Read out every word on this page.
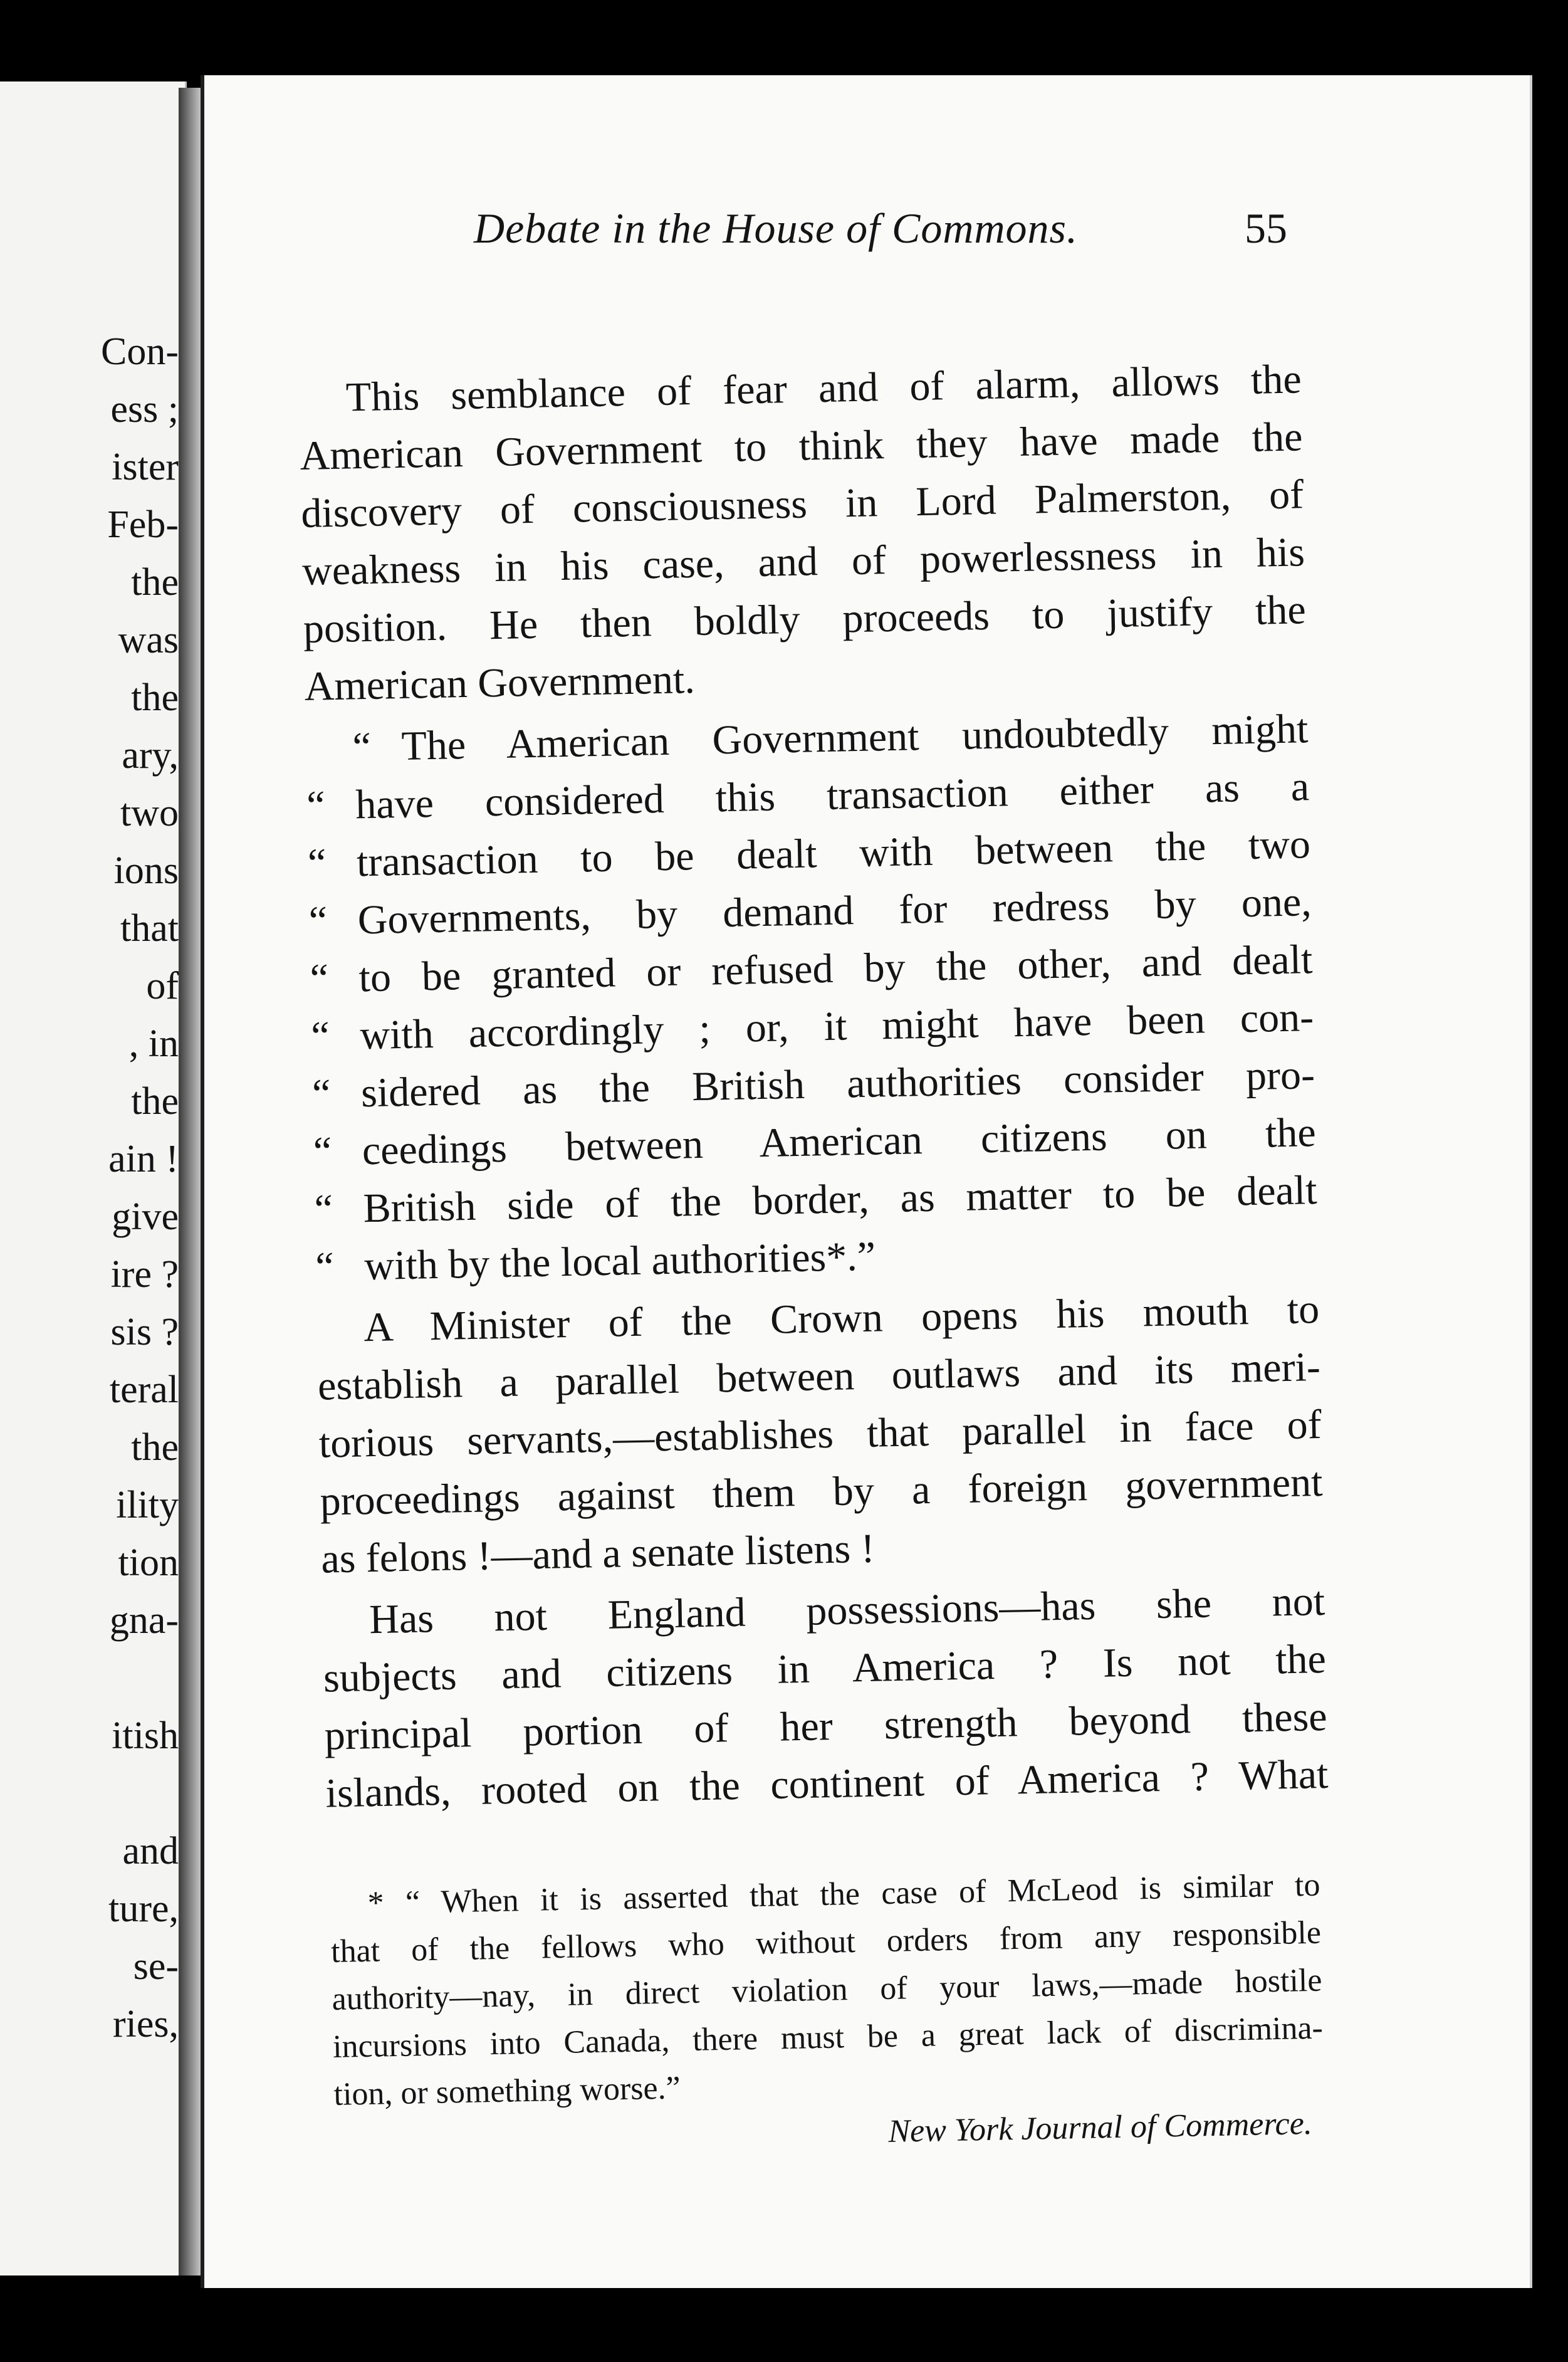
Con-
ess ;
ister
Feb-
the
was
the
ary,
two
ions
that
of
, in
the
ain !
give
ire ?
sis ?
teral
the
ility
tion
gna-
itish
and
ture,
se-
ries,
Debate in the House of Commons.	55
This semblance of fear and of alarm, allows the
American Government to think they have made the
discovery of consciousness in Lord Palmerston, of
weakness in his case, and of powerlessness in his
position. He then boldly proceeds to justify the
American Government.
“ The American Government undoubtedly might
“ have considered this transaction either as a
“ transaction to be dealt with between the two
“ Governments, by demand for redress by one,
“ to be granted or refused by the other, and dealt
“ with accordingly ; or, it might have been con-
“ sidered as the British authorities consider pro-
“ ceedings between American citizens on the
“ British side of the border, as matter to be dealt
“ with by the local authorities*.”
A Minister of the Crown opens his mouth to
establish a parallel between outlaws and its meri-
torious servants,—establishes that parallel in face of
proceedings against them by a foreign government
as felons !—and a senate listens !
Has not England possessions—has she not
subjects and citizens in America ? Is not the
principal portion of her strength beyond these
islands, rooted on the continent of America ? What
* “ When it is asserted that the case of McLeod is similar to
that of the fellows who without orders from any responsible
authority—nay, in direct violation of your laws,—made hostile
incursions into Canada, there must be a great lack of discrimina-
tion, or something worse.”
New York Journal of Commerce.
